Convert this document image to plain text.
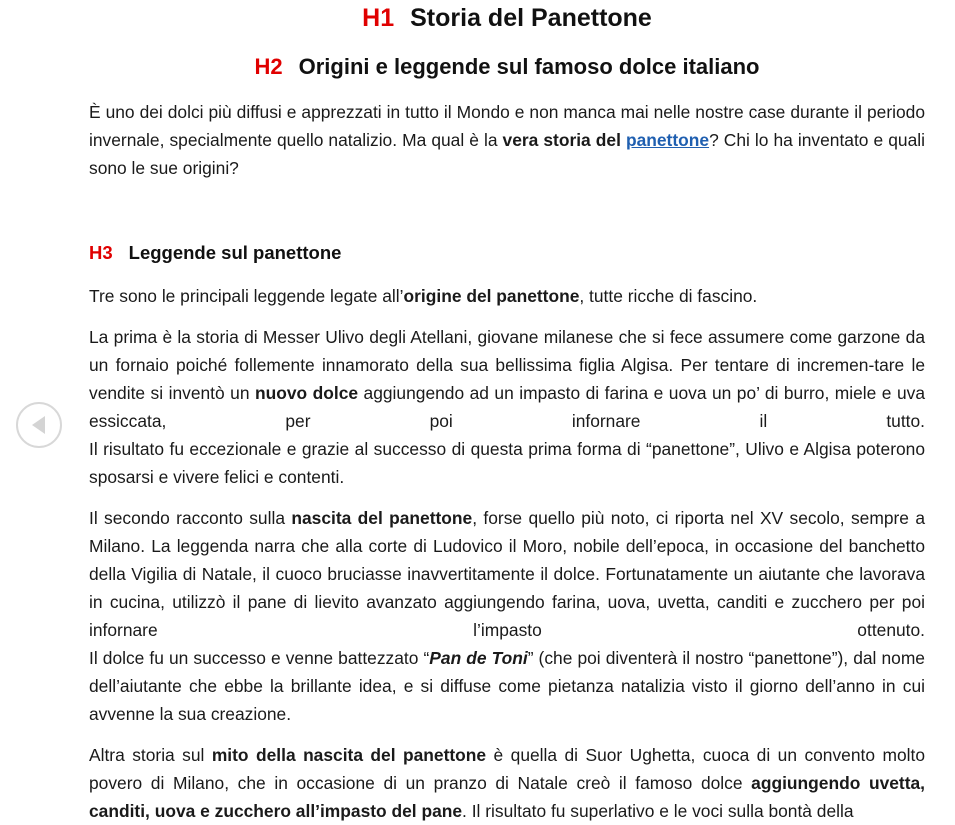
H1 Storia del Panettone
H2 Origini e leggende sul famoso dolce italiano

È uno dei dolci più diffusi e apprezzati in tutto il Mondo e non manca mai nelle nostre case durante il periodo invernale, specialmente quello natalizio. Ma qual è la vera storia del panettone? Chi lo ha inventato e quali sono le sue origini?

H3 Leggende sul panettone

Tre sono le principali leggende legate all’origine del panettone, tutte ricche di fascino.

La prima è la storia di Messer Ulivo degli Atellani, giovane milanese che si fece assumere come garzone da un fornaio poiché follemente innamorato della sua bellissima figlia Algisa. Per tentare di incremen-tare le vendite si inventò un nuovo dolce aggiungendo ad un impasto di farina e uova un po’ di burro, miele e uva essiccata, per poi infornare il tutto.

Il risultato fu eccezionale e grazie al successo di questa prima forma di “panettone”, Ulivo e Algisa poterono sposarsi e vivere felici e contenti.

Il secondo racconto sulla nascita del panettone, forse quello più noto, ci riporta nel XV secolo, sempre a Milano. La leggenda narra che alla corte di Ludovico il Moro, nobile dell’epoca, in occasione del banchetto della Vigilia di Natale, il cuoco bruciasse inavvertitamente il dolce. Fortunatamente un aiutante che lavorava in cucina, utilizzò il pane di lievito avanzato aggiungendo farina, uova, uvetta, canditi e zucchero per poi infornare l’impasto ottenuto.

Il dolce fu un successo e venne battezzato “Pan de Toni” (che poi diventerà il nostro “panettone”), dal nome dell’aiutante che ebbe la brillante idea, e si diffuse come pietanza natalizia visto il giorno dell’anno in cui avvenne la sua creazione.

Altra storia sul mito della nascita del panettone è quella di Suor Ughetta, cuoca di un convento molto povero di Milano, che in occasione di un pranzo di Natale creò il famoso dolce aggiungendo uvetta, canditi, uova e zucchero all’impasto del pane. Il risultato fu superlativo e le voci sulla bontà della
